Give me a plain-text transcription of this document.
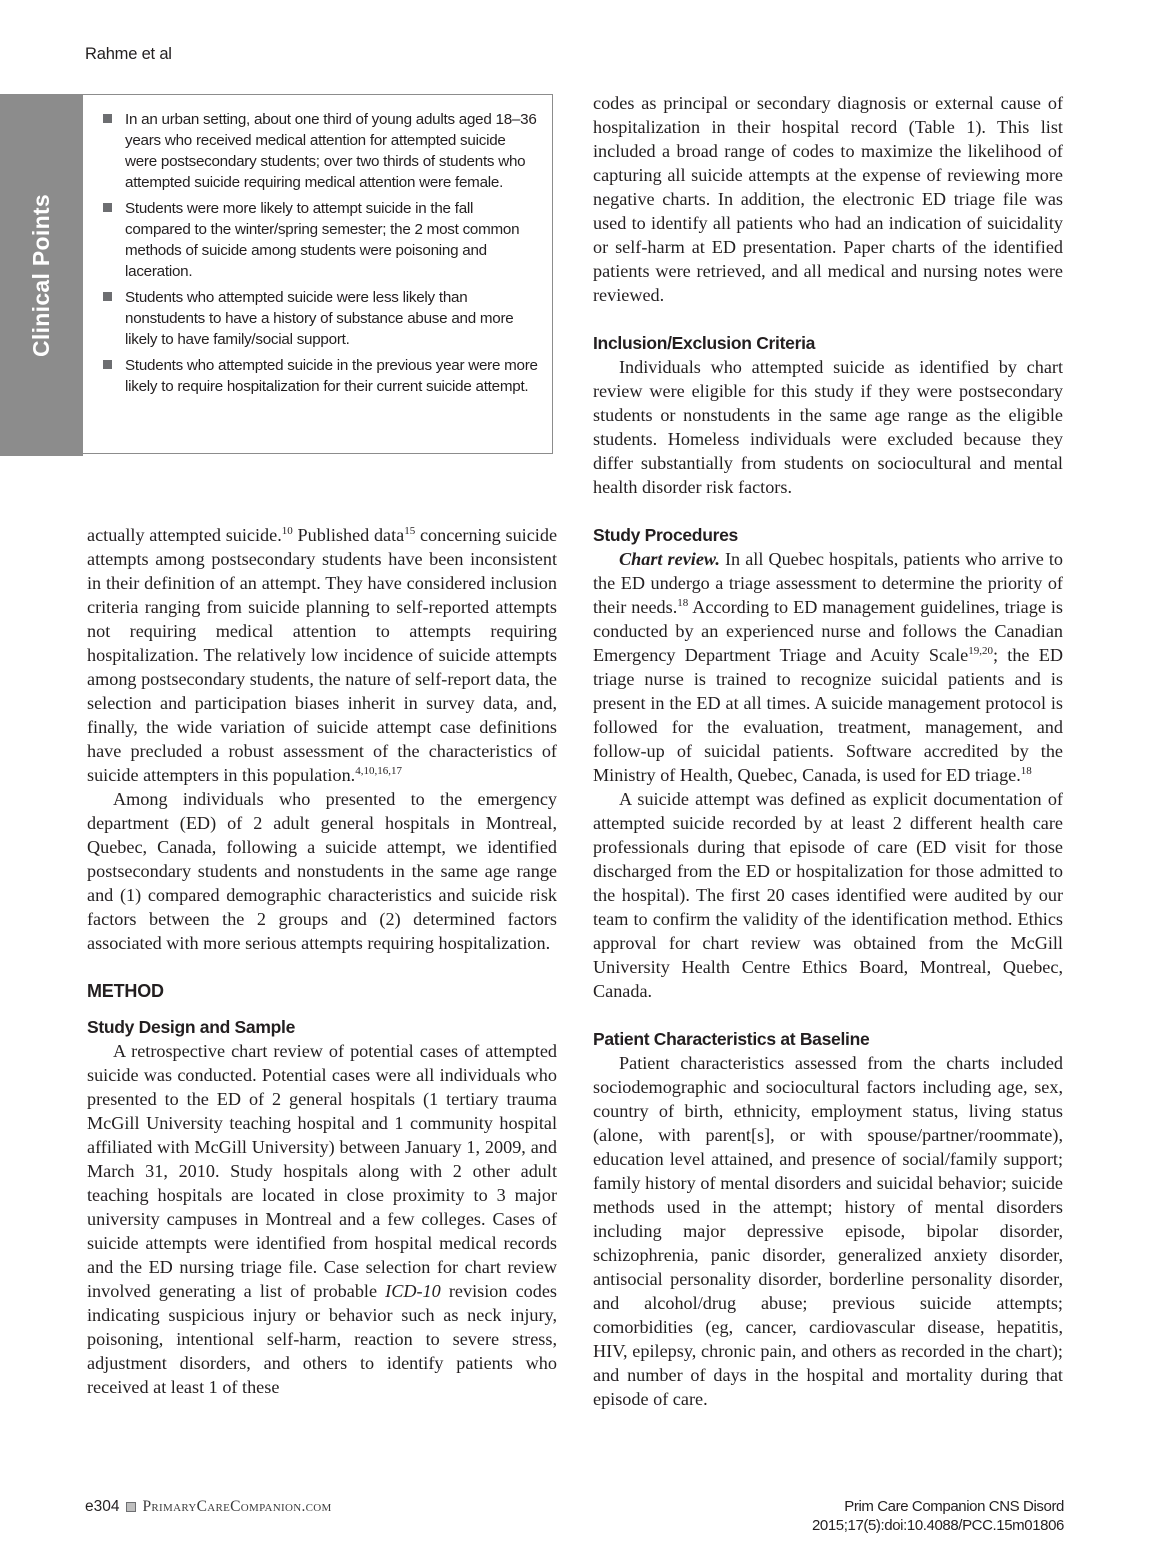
Rahme et al
Clinical Points
In an urban setting, about one third of young adults aged 18–36 years who received medical attention for attempted suicide were postsecondary students; over two thirds of students who attempted suicide requiring medical attention were female.
Students were more likely to attempt suicide in the fall compared to the winter/spring semester; the 2 most common methods of suicide among students were poisoning and laceration.
Students who attempted suicide were less likely than nonstudents to have a history of substance abuse and more likely to have family/social support.
Students who attempted suicide in the previous year were more likely to require hospitalization for their current suicide attempt.

actually attempted suicide.$^{10}$ Published data$^{15}$ concerning suicide attempts among postsecondary students have been inconsistent in their definition of an attempt. They have considered inclusion criteria ranging from suicide planning to self-reported attempts not requiring medical attention to attempts requiring hospitalization. The relatively low incidence of suicide attempts among postsecondary students, the nature of self-report data, the selection and participation biases inherit in survey data, and, finally, the wide variation of suicide attempt case definitions have precluded a robust assessment of the characteristics of suicide attempters in this population.$^{4,10,16,17}$

Among individuals who presented to the emergency department (ED) of 2 adult general hospitals in Montreal, Quebec, Canada, following a suicide attempt, we identified postsecondary students and nonstudents in the same age range and (1) compared demographic characteristics and suicide risk factors between the 2 groups and (2) determined factors associated with more serious attempts requiring hospitalization.

METHOD
Study Design and Sample

A retrospective chart review of potential cases of attempted suicide was conducted. Potential cases were all individuals who presented to the ED of 2 general hospitals (1 tertiary trauma McGill University teaching hospital and 1 community hospital affiliated with McGill University) between January 1, 2009, and March 31, 2010. Study hospitals along with 2 other adult teaching hospitals are located in close proximity to 3 major university campuses in Montreal and a few colleges. Cases of suicide attempts were identified from hospital medical records and the ED nursing triage file. Case selection for chart review involved generating a list of probable ICD-10 revision codes indicating suspicious injury or behavior such as neck injury, poisoning, intentional self-harm, reaction to severe stress, adjustment disorders, and others to identify patients who received at least 1 of these

codes as principal or secondary diagnosis or external cause of hospitalization in their hospital record (Table 1). This list included a broad range of codes to maximize the likelihood of capturing all suicide attempts at the expense of reviewing more negative charts. In addition, the electronic ED triage file was used to identify all patients who had an indication of suicidality or self-harm at ED presentation. Paper charts of the identified patients were retrieved, and all medical and nursing notes were reviewed.

Inclusion/Exclusion Criteria

Individuals who attempted suicide as identified by chart review were eligible for this study if they were postsecondary students or nonstudents in the same age range as the eligible students. Homeless individuals were excluded because they differ substantially from students on sociocultural and mental health disorder risk factors.

Study Procedures

Chart review. In all Quebec hospitals, patients who arrive to the ED undergo a triage assessment to determine the priority of their needs.$^{18}$ According to ED management guidelines, triage is conducted by an experienced nurse and follows the Canadian Emergency Department Triage and Acuity Scale$^{19,20}$; the ED triage nurse is trained to recognize suicidal patients and is present in the ED at all times. A suicide management protocol is followed for the evaluation, treatment, management, and follow-up of suicidal patients. Software accredited by the Ministry of Health, Quebec, Canada, is used for ED triage.$^{18}$

A suicide attempt was defined as explicit documentation of attempted suicide recorded by at least 2 different health care professionals during that episode of care (ED visit for those discharged from the ED or hospitalization for those admitted to the hospital). The first 20 cases identified were audited by our team to confirm the validity of the identification method. Ethics approval for chart review was obtained from the McGill University Health Centre Ethics Board, Montreal, Quebec, Canada.

Patient Characteristics at Baseline

Patient characteristics assessed from the charts included sociodemographic and sociocultural factors including age, sex, country of birth, ethnicity, employment status, living status (alone, with parent[s], or with spouse/partner/roommate), education level attained, and presence of social/family support; family history of mental disorders and suicidal behavior; suicide methods used in the attempt; history of mental disorders including major depressive episode, bipolar disorder, schizophrenia, panic disorder, generalized anxiety disorder, antisocial personality disorder, borderline personality disorder, and alcohol/drug abuse; previous suicide attempts; comorbidities (eg, cancer, cardiovascular disease, hepatitis, HIV, epilepsy, chronic pain, and others as recorded in the chart); and number of days in the hospital and mortality during that episode of care.

e304 PrimaryCareCompanion.com	Prim Care Companion CNS Disord
2015;17(5):doi:10.4088/PCC.15m01806
